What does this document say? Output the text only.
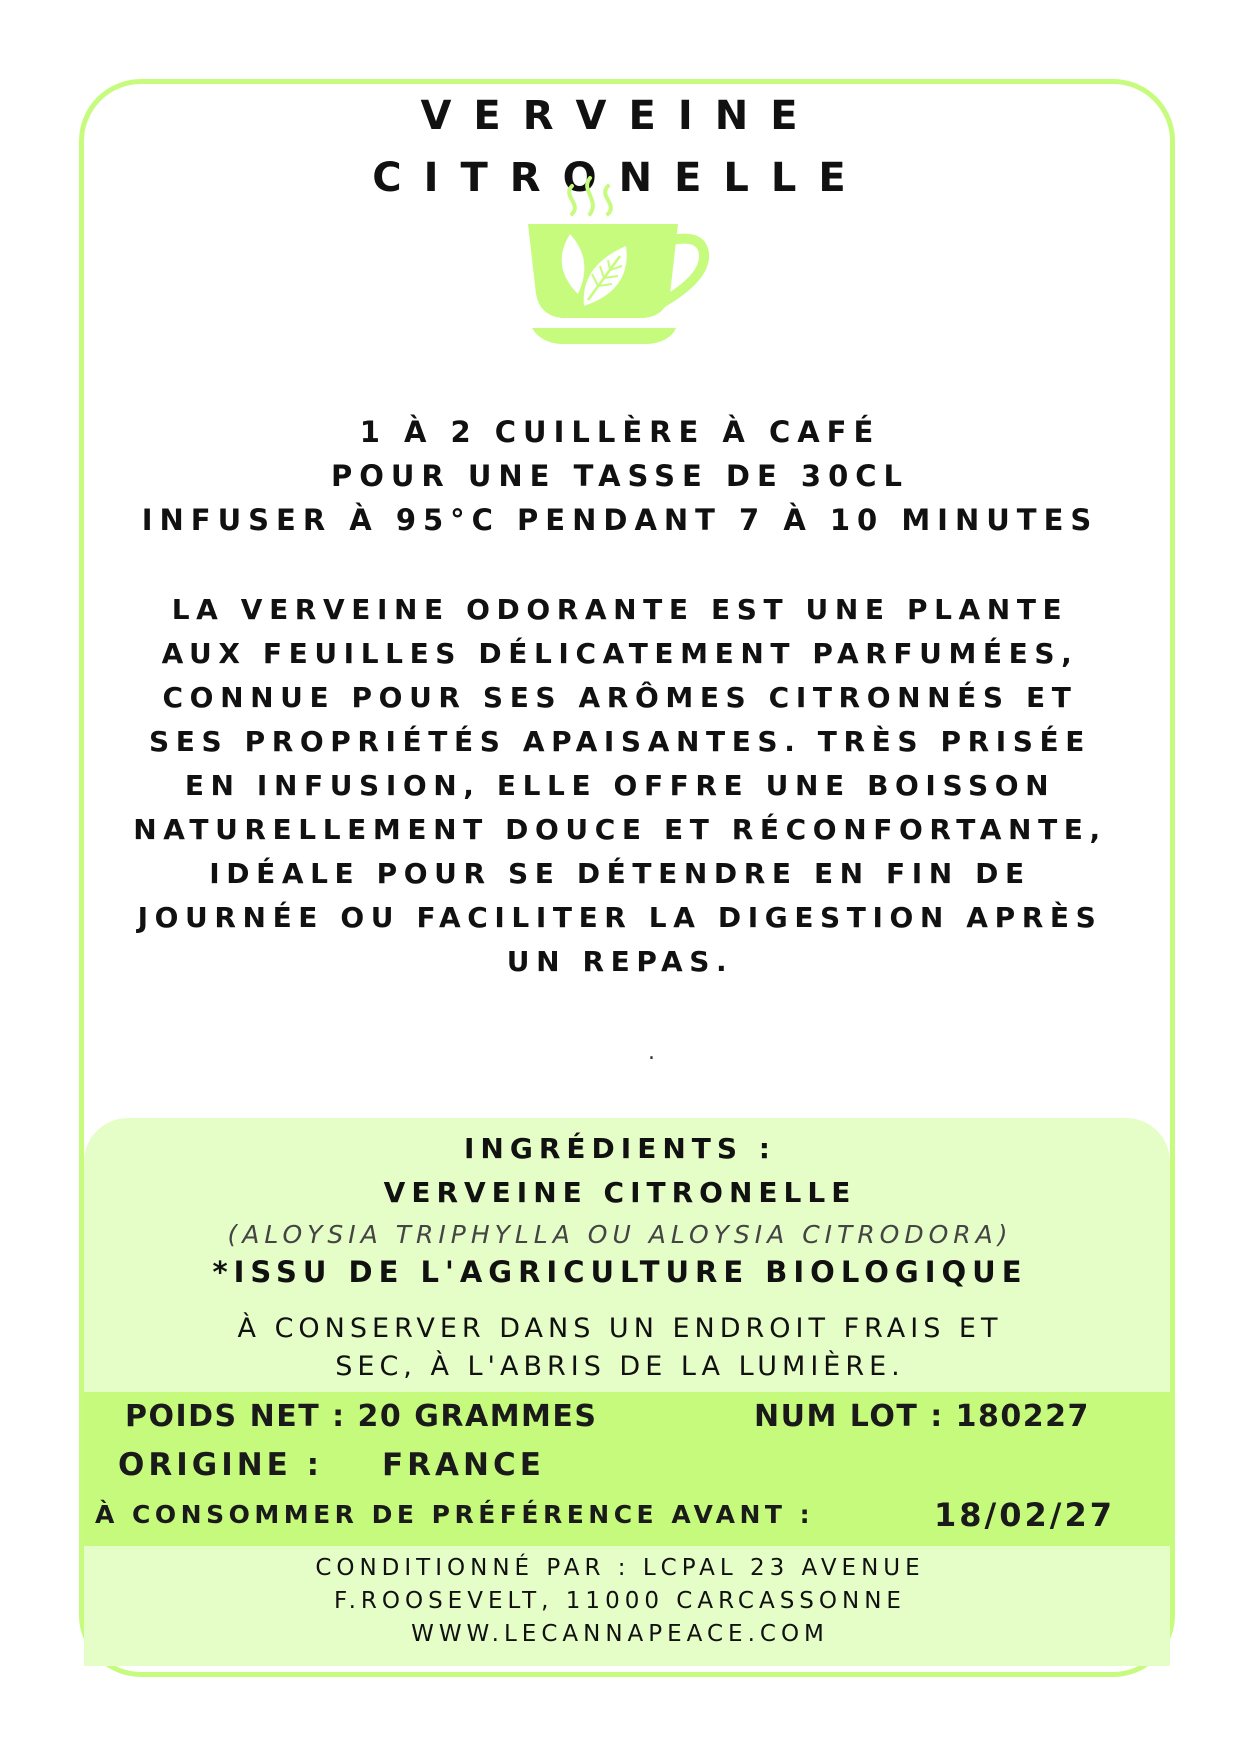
VERVEINE
CITRONELLE
1 À 2 CUILLÈRE À CAFÉ
POUR UNE TASSE DE 30CL
INFUSER À 95°C PENDANT 7 À 10 MINUTES
LA VERVEINE ODORANTE EST UNE PLANTE
AUX FEUILLES DÉLICATEMENT PARFUMÉES,
CONNUE POUR SES ARÔMES CITRONNÉS ET
SES PROPRIÉTÉS APAISANTES. TRÈS PRISÉE
EN INFUSION, ELLE OFFRE UNE BOISSON
NATURELLEMENT DOUCE ET RÉCONFORTANTE,
IDÉALE POUR SE DÉTENDRE EN FIN DE
JOURNÉE OU FACILITER LA DIGESTION APRÈS
UN REPAS.
.
INGRÉDIENTS :
VERVEINE CITRONELLE
(ALOYSIA TRIPHYLLA OU ALOYSIA CITRODORA)
*ISSU DE L'AGRICULTURE BIOLOGIQUE
À CONSERVER DANS UN ENDROIT FRAIS ET
SEC, À L'ABRIS DE LA LUMIÈRE.
POIDS NET : 20 GRAMMES	NUM LOT : 180227
ORIGINE : FRANCE
À CONSOMMER DE PRÉFÉRENCE AVANT :	18/02/27
CONDITIONNÉ PAR : LCPAL 23 AVENUE
F.ROOSEVELT, 11000 CARCASSONNE
WWW.LECANNAPEACE.COM
